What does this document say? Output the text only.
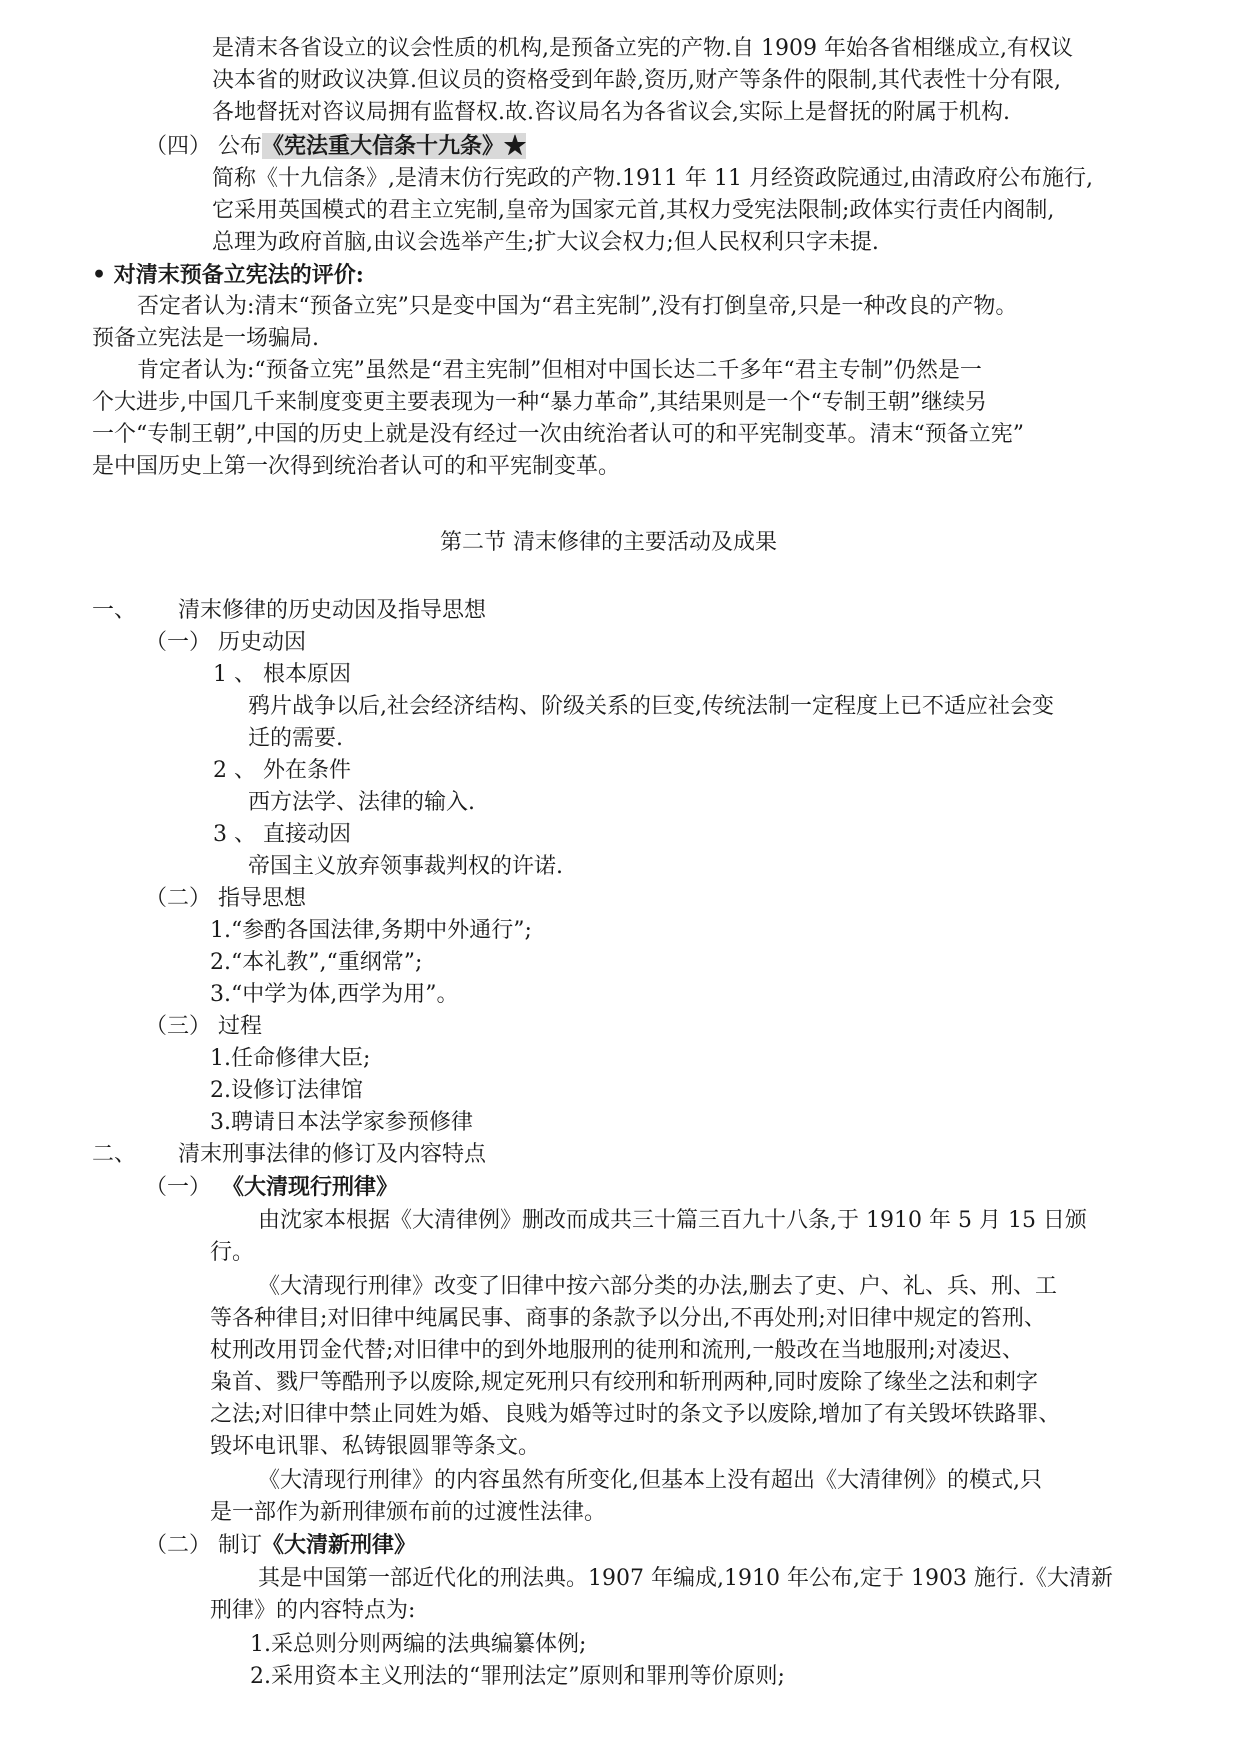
是清末各省设立的议会性质的机构,是预备立宪的产物.自 1909 年始各省相继成立,有权议

决本省的财政议决算.但议员的资格受到年龄,资历,财产等条件的限制,其代表性十分有限,

各地督抚对咨议局拥有监督权.故.咨议局名为各省议会,实际上是督抚的附属于机构.

（四） 公布《宪法重大信条十九条》★

简称《十九信条》,是清末仿行宪政的产物.1911 年 11 月经资政院通过,由清政府公布施行,

它采用英国模式的君主立宪制,皇帝为国家元首,其权力受宪法限制;政体实行责任内阁制,

总理为政府首脑,由议会选举产生;扩大议会权力;但人民权利只字未提.

• 对清末预备立宪法的评价:

否定者认为:清末“预备立宪”只是变中国为“君主宪制”,没有打倒皇帝,只是一种改良的产物。

预备立宪法是一场骗局.

肯定者认为:“预备立宪”虽然是“君主宪制”但相对中国长达二千多年“君主专制”仍然是一

个大进步,中国几千来制度变更主要表现为一种“暴力革命”,其结果则是一个“专制王朝”继续另

一个“专制王朝”,中国的历史上就是没有经过一次由统治者认可的和平宪制变革。清末“预备立宪”

是中国历史上第一次得到统治者认可的和平宪制变革。

第二节 清末修律的主要活动及成果

一、 清末修律的历史动因及指导思想

（一） 历史动因

1 、 根本原因

鸦片战争以后,社会经济结构、阶级关系的巨变,传统法制一定程度上已不适应社会变

迁的需要.

2 、 外在条件

西方法学、法律的输入.

3 、 直接动因

帝国主义放弃领事裁判权的许诺.

（二） 指导思想

1.“参酌各国法律,务期中外通行”;

2.“本礼教”,“重纲常”;

3.“中学为体,西学为用”。

（三） 过程

1.任命修律大臣;

2.设修订法律馆

3.聘请日本法学家参预修律

二、 清末刑事法律的修订及内容特点

（一） 《大清现行刑律》

由沈家本根据《大清律例》删改而成共三十篇三百九十八条,于 1910 年 5 月 15 日颁

行。

《大清现行刑律》改变了旧律中按六部分类的办法,删去了吏、户、礼、兵、刑、工

等各种律目;对旧律中纯属民事、商事的条款予以分出,不再处刑;对旧律中规定的笞刑、

杖刑改用罚金代替;对旧律中的到外地服刑的徒刑和流刑,一般改在当地服刑;对凌迟、

枭首、戮尸等酷刑予以废除,规定死刑只有绞刑和斩刑两种,同时废除了缘坐之法和刺字

之法;对旧律中禁止同姓为婚、良贱为婚等过时的条文予以废除,增加了有关毁坏铁路罪、

毁坏电讯罪、私铸银圆罪等条文。

《大清现行刑律》的内容虽然有所变化,但基本上没有超出《大清律例》的模式,只

是一部作为新刑律颁布前的过渡性法律。

（二） 制订《大清新刑律》

其是中国第一部近代化的刑法典。1907 年编成,1910 年公布,定于 1903 施行.《大清新

刑律》的内容特点为:

1.采总则分则两编的法典编纂体例;

2.采用资本主义刑法的“罪刑法定”原则和罪刑等价原则;
